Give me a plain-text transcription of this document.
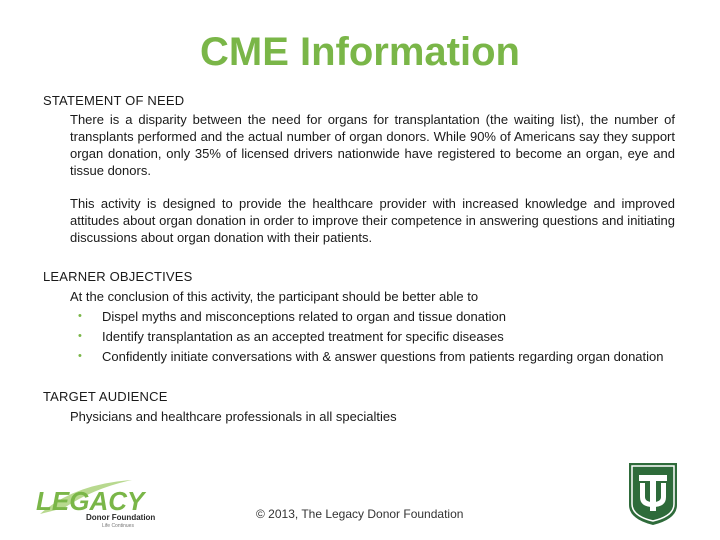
CME Information
STATEMENT OF NEED

There is a disparity between the need for organs for transplantation (the waiting list), the number of transplants performed and the actual number of organ donors. While 90% of Americans say they support organ donation, only 35% of licensed drivers nationwide have registered to become an organ, eye and tissue donors.

This activity is designed to provide the healthcare provider with increased knowledge and improved attitudes about organ donation in order to improve their competence in answering questions and initiating discussions about organ donation with their patients.

LEARNER OBJECTIVES

At the conclusion of this activity, the participant should be better able to

• Dispel myths and misconceptions related to organ and tissue donation
• Identify transplantation as an accepted treatment for specific diseases
• Confidently initiate conversations with & answer questions from patients regarding organ donation
TARGET AUDIENCE

Physicians and healthcare professionals in all specialties

LEGACY
Donor Foundation
Life Continues
© 2013, The Legacy Donor Foundation
